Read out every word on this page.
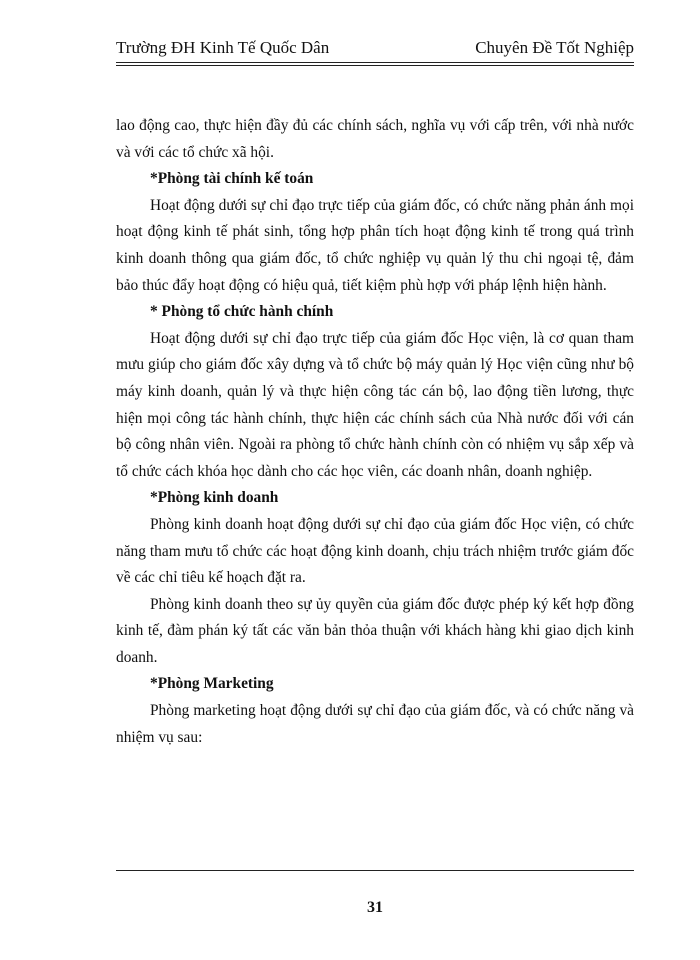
Trường ĐH Kinh Tế Quốc Dân	Chuyên Đề Tốt Nghiệp

lao động cao, thực hiện đầy đủ các chính sách, nghĩa vụ với cấp trên, với nhà nước và với các tổ chức xã hội.

*Phòng tài chính kế toán

Hoạt động dưới sự chỉ đạo trực tiếp của giám đốc, có chức năng phản ánh mọi hoạt động kinh tế phát sinh, tổng hợp phân tích hoạt động kinh tế trong quá trình kinh doanh thông qua giám đốc, tổ chức nghiệp vụ quản lý thu chi ngoại tệ, đảm bảo thúc đẩy hoạt động có hiệu quả, tiết kiệm phù hợp với pháp lệnh hiện hành.

* Phòng tổ chức hành chính

Hoạt động dưới sự chỉ đạo trực tiếp của giám đốc Học viện, là cơ quan tham mưu giúp cho giám đốc xây dựng và tổ chức bộ máy quản lý Học viện cũng như bộ máy kinh doanh, quản lý và thực hiện công tác cán bộ, lao động tiền lương, thực hiện mọi công tác hành chính, thực hiện các chính sách của Nhà nước đối với cán bộ công nhân viên. Ngoài ra phòng tổ chức hành chính còn có nhiệm vụ sắp xếp và tổ chức cách khóa học dành cho các học viên, các doanh nhân, doanh nghiệp.

*Phòng kinh doanh

Phòng kinh doanh hoạt động dưới sự chỉ đạo của giám đốc Học viện, có chức năng tham mưu tổ chức các hoạt động kinh doanh, chịu trách nhiệm trước giám đốc về các chỉ tiêu kế hoạch đặt ra.

Phòng kinh doanh theo sự ủy quyền của giám đốc được phép ký kết hợp đồng kinh tế, đàm phán ký tất các văn bản thỏa thuận với khách hàng khi giao dịch kinh doanh.

*Phòng Marketing

Phòng marketing hoạt động dưới sự chỉ đạo của giám đốc, và có chức năng và nhiệm vụ sau:

31
